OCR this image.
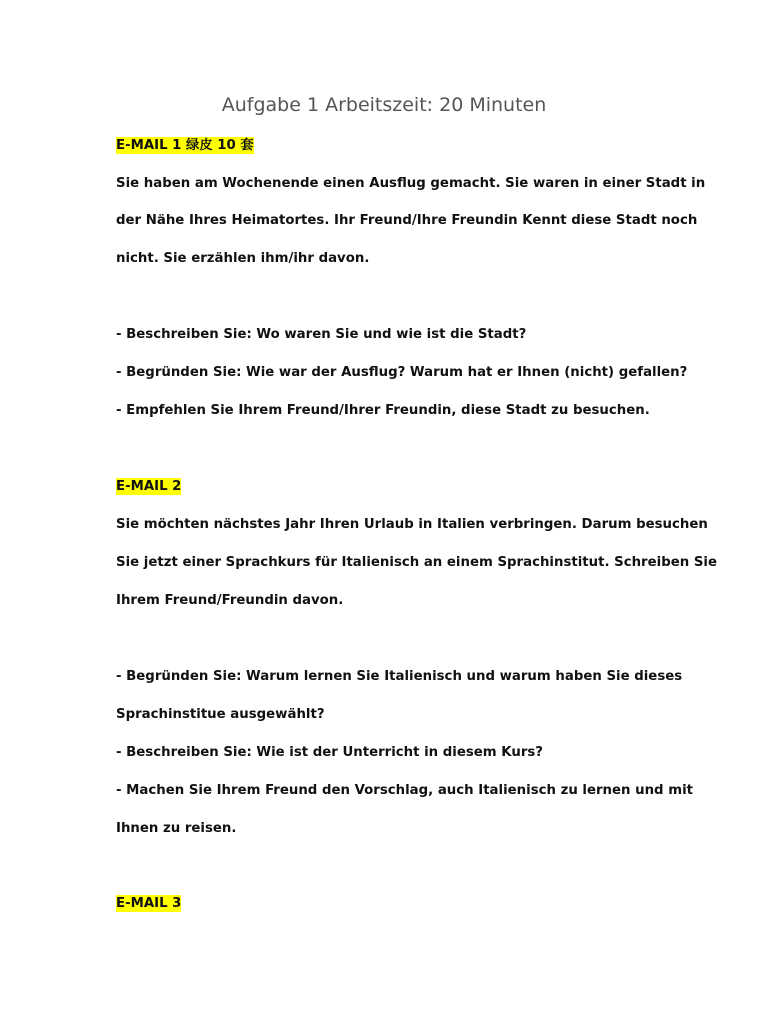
Aufgabe 1 Arbeitszeit: 20 Minuten

E-MAIL 1 绿皮 10 套

Sie haben am Wochenende einen Ausflug gemacht. Sie waren in einer Stadt in

der Nähe Ihres Heimatortes. Ihr Freund/Ihre Freundin Kennt diese Stadt noch

nicht. Sie erzählen ihm/ihr davon.

- Beschreiben Sie: Wo waren Sie und wie ist die Stadt?

- Begründen Sie: Wie war der Ausflug? Warum hat er Ihnen (nicht) gefallen?

- Empfehlen Sie Ihrem Freund/Ihrer Freundin, diese Stadt zu besuchen.

E-MAIL 2

Sie möchten nächstes Jahr Ihren Urlaub in Italien verbringen. Darum besuchen

Sie jetzt einer Sprachkurs für Italienisch an einem Sprachinstitut. Schreiben Sie

Ihrem Freund/Freundin davon.

- Begründen Sie: Warum lernen Sie Italienisch und warum haben Sie dieses

Sprachinstitue ausgewählt?

- Beschreiben Sie: Wie ist der Unterricht in diesem Kurs?

- Machen Sie Ihrem Freund den Vorschlag, auch Italienisch zu lernen und mit

Ihnen zu reisen.

E-MAIL 3
